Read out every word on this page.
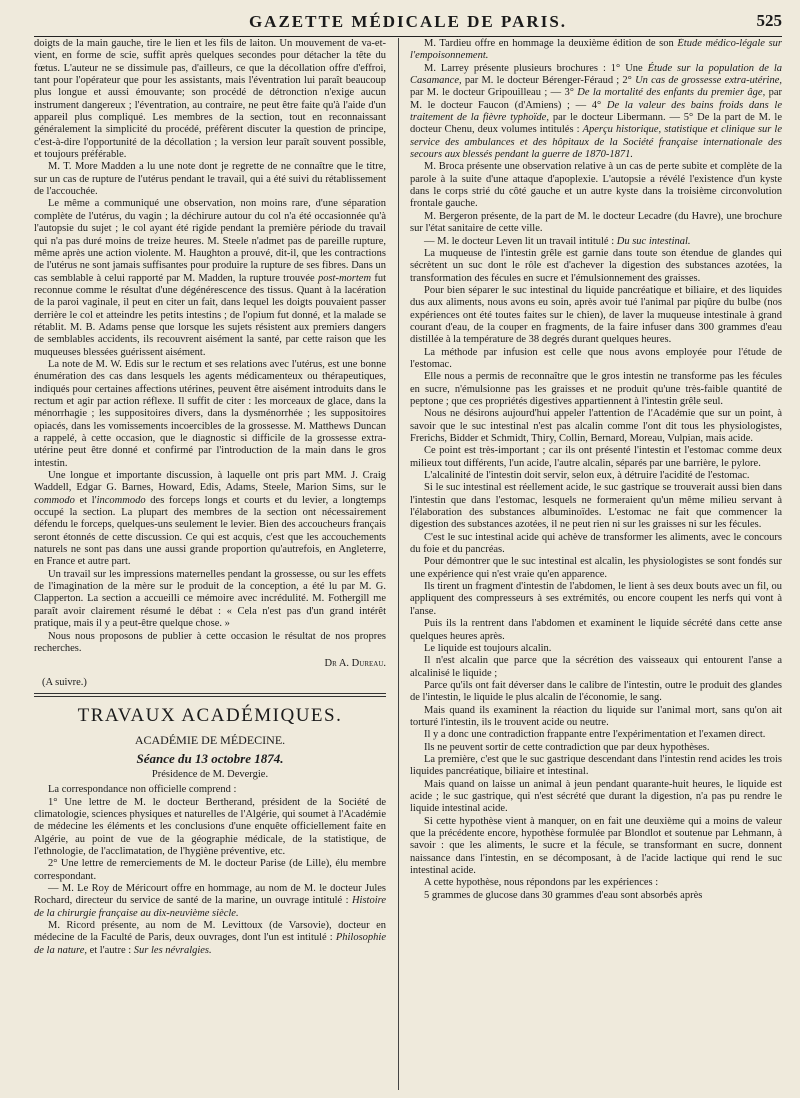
GAZETTE MÉDICALE DE PARIS.	525

doigts de la main gauche, tire le lien et les fils de laiton. Un mouvement de va-et-vient, en forme de scie, suffit après quelques secondes pour détacher la tête du fœtus. L'auteur ne se dissimule pas, d'ailleurs, ce que la décollation offre d'effroi, tant pour l'opérateur que pour les assistants, mais l'éventration lui paraît beaucoup plus longue et aussi émouvante; son procédé de détronction n'exige aucun instrument dangereux ; l'éventration, au contraire, ne peut être faite qu'à l'aide d'un appareil plus compliqué. Les membres de la section, tout en reconnaissant généralement la simplicité du procédé, préfèrent discuter la question de principe, c'est-à-dire l'opportunité de la décollation ; la version leur paraît souvent possible, et toujours préférable.

M. T. More Madden a lu une note dont je regrette de ne connaître que le titre, sur un cas de rupture de l'utérus pendant le travail, qui a été suivi du rétablissement de l'accouchée.

Le même a communiqué une observation, non moins rare, d'une séparation complète de l'utérus, du vagin ; la déchirure autour du col n'a été occasionnée qu'à l'autopsie du sujet ; le col ayant été rigide pendant la première période du travail qui n'a pas duré moins de treize heures. M. Steele n'admet pas de pareille rupture, même après une action violente. M. Haughton a prouvé, dit-il, que les contractions de l'utérus ne sont jamais suffisantes pour produire la rupture de ses fibres. Dans un cas semblable à celui rapporté par M. Madden, la rupture trouvée post-mortem fut reconnue comme le résultat d'une dégénérescence des tissus. Quant à la lacération de la paroi vaginale, il peut en citer un fait, dans lequel les doigts pouvaient passer derrière le col et atteindre les petits intestins ; de l'opium fut donné, et la malade se rétablit. M. B. Adams pense que lorsque les sujets résistent aux premiers dangers de semblables accidents, ils recouvrent aisément la santé, par cette raison que les muqueuses blessées guérissent aisément.

La note de M. W. Edis sur le rectum et ses relations avec l'utérus, est une bonne énumération des cas dans lesquels les agents médicamenteux ou thérapeutiques, indiqués pour certaines affections utérines, peuvent être aisément introduits dans le rectum et agir par action réflexe. Il suffit de citer : les morceaux de glace, dans la ménorrhagie ; les suppositoires divers, dans la dysménorrhée ; les suppositoires opiacés, dans les vomissements incoercibles de la grossesse. M. Matthews Duncan a rappelé, à cette occasion, que le diagnostic si difficile de la grossesse extra-utérine peut être donné et confirmé par l'introduction de la main dans le gros intestin.

Une longue et importante discussion, à laquelle ont pris part MM. J. Craig Waddell, Edgar G. Barnes, Howard, Edis, Adams, Steele, Marion Sims, sur le commodo et l'incommodo des forceps longs et courts et du levier, a longtemps occupé la section. La plupart des membres de la section ont nécessairement défendu le forceps, quelques-uns seulement le levier. Bien des accoucheurs français seront étonnés de cette discussion. Ce qui est acquis, c'est que les accouchements naturels ne sont pas dans une aussi grande proportion qu'autrefois, en Angleterre, en France et autre part.

Un travail sur les impressions maternelles pendant la grossesse, ou sur les effets de l'imagination de la mère sur le produit de la conception, a été lu par M. G. Clapperton. La section a accueilli ce mémoire avec incrédulité. M. Fothergill me paraît avoir clairement résumé le débat : « Cela n'est pas d'un grand intérêt pratique, mais il y a peut-être quelque chose. »

Nous nous proposons de publier à cette occasion le résultat de nos propres recherches.

Dr A. Dureau.

(A suivre.)

TRAVAUX ACADÉMIQUES.

ACADÉMIE DE MÉDECINE.

Séance du 13 octobre 1874.

Présidence de M. Devergie.

La correspondance non officielle comprend :

1° Une lettre de M. le docteur Bertherand, président de la Société de climatologie, sciences physiques et naturelles de l'Algérie, qui soumet à l'Académie de médecine les éléments et les conclusions d'une enquête officiellement faite en Algérie, au point de vue de la géographie médicale, de la statistique, de l'ethnologie, de l'acclimatation, de l'hygiène préventive, etc.

2° Une lettre de remerciements de M. le docteur Parise (de Lille), élu membre correspondant.

— M. Le Roy de Méricourt offre en hommage, au nom de M. le docteur Jules Rochard, directeur du service de santé de la marine, un ouvrage intitulé : Histoire de la chirurgie française au dix-neuvième siècle.

M. Ricord présente, au nom de M. Levittoux (de Varsovie), docteur en médecine de la Faculté de Paris, deux ouvrages, dont l'un est intitulé : Philosophie de la nature, et l'autre : Sur les névralgies.

M. Tardieu offre en hommage la deuxième édition de son Étude médico-légale sur l'empoisonnement.

M. Larrey présente plusieurs brochures : 1° Une Étude sur la population de la Casamance, par M. le docteur Bérenger-Féraud ; 2° Un cas de grossesse extra-utérine, par M. le docteur Gripouilleau ; — 3° De la mortalité des enfants du premier âge, par M. le docteur Faucon (d'Amiens) ; — 4° De la valeur des bains froids dans le traitement de la fièvre typhoïde, par le docteur Libermann. — 5° De la part de M. le docteur Chenu, deux volumes intitulés : Aperçu historique, statistique et clinique sur le service des ambulances et des hôpitaux de la Société française internationale des secours aux blessés pendant la guerre de 1870-1871.

M. Broca présente une observation relative à un cas de perte subite et complète de la parole à la suite d'une attaque d'apoplexie. L'autopsie a révélé l'existence d'un kyste dans le corps strié du côté gauche et un autre kyste dans la troisième circonvolution frontale gauche.

M. Bergeron présente, de la part de M. le docteur Lecadre (du Havre), une brochure sur l'état sanitaire de cette ville.

— M. le docteur Leven lit un travail intitulé : Du suc intestinal.

La muqueuse de l'intestin grêle est garnie dans toute son étendue de glandes qui sécrètent un suc dont le rôle est d'achever la digestion des substances azotées, la transformation des fécules en sucre et l'émulsionnement des graisses.

Pour bien séparer le suc intestinal du liquide pancréatique et biliaire, et des liquides dus aux aliments, nous avons eu soin, après avoir tué l'animal par piqûre du bulbe (nos expériences ont été toutes faites sur le chien), de laver la muqueuse intestinale à grand courant d'eau, de la couper en fragments, de la faire infuser dans 300 grammes d'eau distillée à la température de 38 degrés durant quelques heures.

La méthode par infusion est celle que nous avons employée pour l'étude de l'estomac.

Elle nous a permis de reconnaître que le gros intestin ne transforme pas les fécules en sucre, n'émulsionne pas les graisses et ne produit qu'une très-faible quantité de peptone ; que ces propriétés digestives appartiennent à l'intestin grêle seul.

Nous ne désirons aujourd'hui appeler l'attention de l'Académie que sur un point, à savoir que le suc intestinal n'est pas alcalin comme l'ont dit tous les physiologistes, Frerichs, Bidder et Schmidt, Thiry, Collin, Bernard, Moreau, Vulpian, mais acide.

Ce point est très-important ; car ils ont présenté l'intestin et l'estomac comme deux milieux tout différents, l'un acide, l'autre alcalin, séparés par une barrière, le pylore.

L'alcalinité de l'intestin doit servir, selon eux, à détruire l'acidité de l'estomac.

Si le suc intestinal est réellement acide, le suc gastrique se trouverait aussi bien dans l'intestin que dans l'estomac, lesquels ne formeraient qu'un même milieu servant à l'élaboration des substances albuminoïdes. L'estomac ne fait que commencer la digestion des substances azotées, il ne peut rien ni sur les graisses ni sur les fécules.

C'est le suc intestinal acide qui achève de transformer les aliments, avec le concours du foie et du pancréas.

Pour démontrer que le suc intestinal est alcalin, les physiologistes se sont fondés sur une expérience qui n'est vraie qu'en apparence.

Ils tirent un fragment d'intestin de l'abdomen, le lient à ses deux bouts avec un fil, ou appliquent des compresseurs à ses extrémités, ou encore coupent les nerfs qui vont à l'anse.

Puis ils la rentrent dans l'abdomen et examinent le liquide sécrété dans cette anse quelques heures après.

Le liquide est toujours alcalin.

Il n'est alcalin que parce que la sécrétion des vaisseaux qui entourent l'anse a alcalinisé le liquide ;

Parce qu'ils ont fait déverser dans le calibre de l'intestin, outre le produit des glandes de l'intestin, le liquide le plus alcalin de l'économie, le sang.

Mais quand ils examinent la réaction du liquide sur l'animal mort, sans qu'on ait torturé l'intestin, ils le trouvent acide ou neutre.

Il y a donc une contradiction frappante entre l'expérimentation et l'examen direct.

Ils ne peuvent sortir de cette contradiction que par deux hypothèses.

La première, c'est que le suc gastrique descendant dans l'intestin rend acides les trois liquides pancréatique, biliaire et intestinal.

Mais quand on laisse un animal à jeun pendant quarante-huit heures, le liquide est acide ; le suc gastrique, qui n'est sécrété que durant la digestion, n'a pas pu rendre le liquide intestinal acide.

Si cette hypothèse vient à manquer, on en fait une deuxième qui a moins de valeur que la précédente encore, hypothèse formulée par Blondlot et soutenue par Lehmann, à savoir : que les aliments, le sucre et la fécule, se transformant en sucre, donnent naissance dans l'intestin, en se décomposant, à de l'acide lactique qui rend le suc intestinal acide.

A cette hypothèse, nous répondons par les expériences :

5 grammes de glucose dans 30 grammes d'eau sont absorbés après
